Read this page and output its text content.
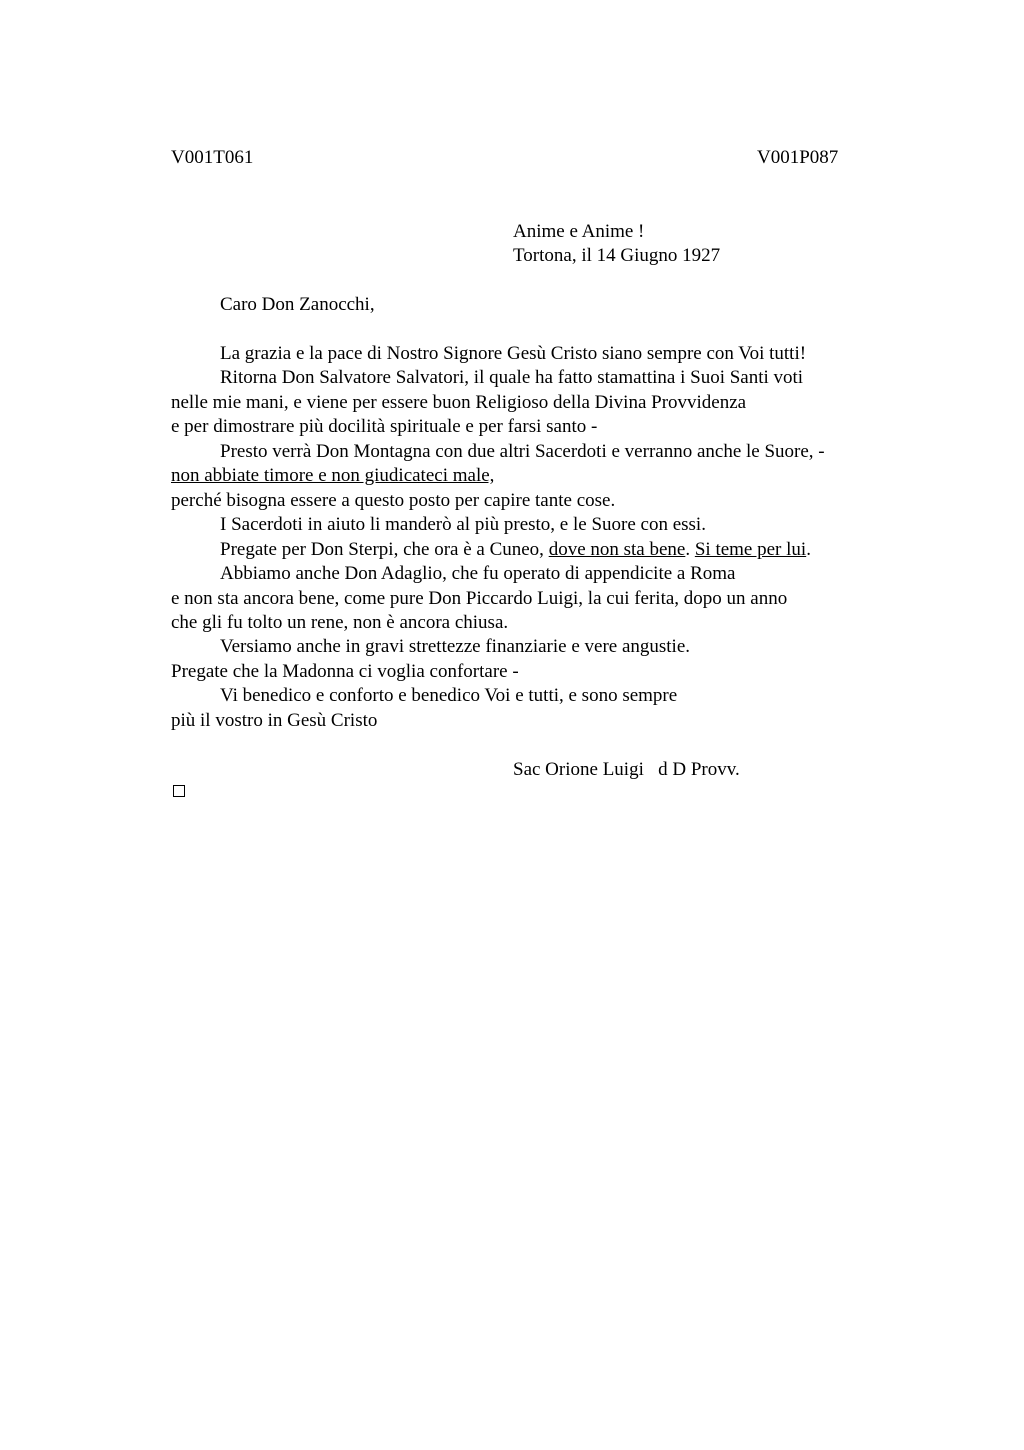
V001T061	V001P087
Anime e Anime !
Tortona, il 14 Giugno 1927
Caro Don Zanocchi,
La grazia e la pace di Nostro Signore Gesù Cristo siano sempre con Voi tutti!
Ritorna Don Salvatore Salvatori, il quale ha fatto stamattina i Suoi Santi voti
nelle mie mani, e viene per essere buon Religioso della Divina Provvidenza
e per dimostrare più docilità spirituale e per farsi santo -
Presto verrà Don Montagna con due altri Sacerdoti e verranno anche le Suore, -
non abbiate timore e non giudicateci male,
perché bisogna essere a questo posto per capire tante cose.
I Sacerdoti in aiuto li manderò al più presto, e le Suore con essi.
Pregate per Don Sterpi, che ora è a Cuneo, dove non sta bene. Si teme per lui.
Abbiamo anche Don Adaglio, che fu operato di appendicite a Roma
e non sta ancora bene, come pure Don Piccardo Luigi, la cui ferita, dopo un anno
che gli fu tolto un rene, non è ancora chiusa.
Versiamo anche in gravi strettezze finanziarie e vere angustie.
Pregate che la Madonna ci voglia confortare -
Vi benedico e conforto e benedico Voi e tutti, e sono sempre
più il vostro in Gesù Cristo
Sac Orione Luigi   d D Provv.
